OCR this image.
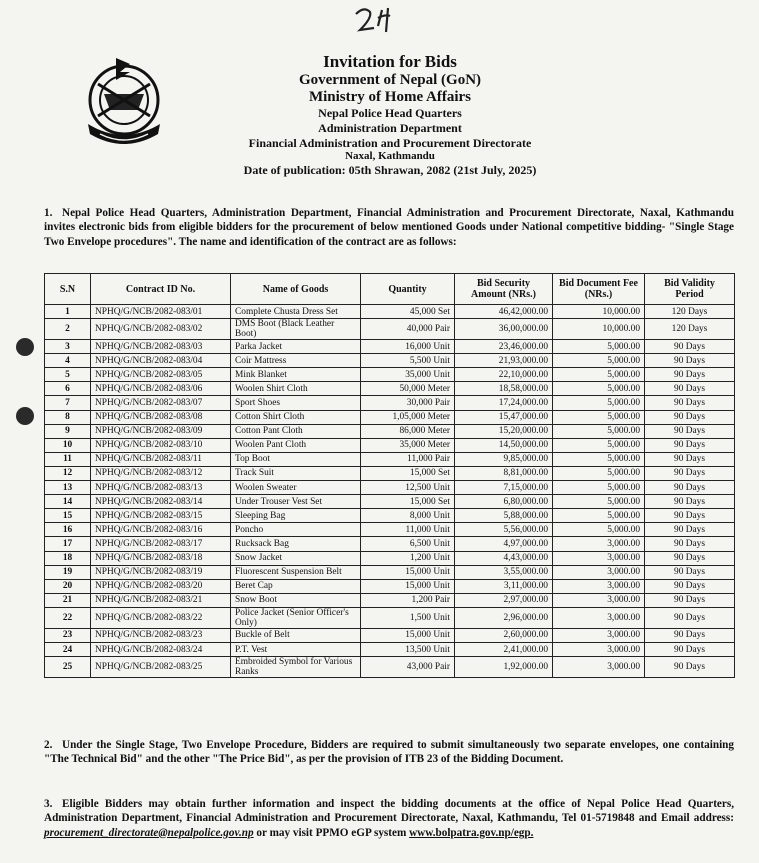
Invitation for Bids
Government of Nepal (GoN)
Ministry of Home Affairs
Nepal Police Head Quarters
Administration Department
Financial Administration and Procurement Directorate
Naxal, Kathmandu
Date of publication: 05th Shrawan, 2082 (21st July, 2025)
1. Nepal Police Head Quarters, Administration Department, Financial Administration and Procurement Directorate, Naxal, Kathmandu invites electronic bids from eligible bidders for the procurement of below mentioned Goods under National competitive bidding- "Single Stage Two Envelope procedures". The name and identification of the contract are as follows:
S.N	Contract ID No.	Name of Goods	Quantity	Bid Security Amount (NRs.)	Bid Document Fee (NRs.)	Bid Validity Period
1	NPHQ/G/NCB/2082-083/01	Complete Chusta Dress Set	45,000 Set	46,42,000.00	10,000.00	120 Days
2	NPHQ/G/NCB/2082-083/02	DMS Boot (Black Leather Boot)	40,000 Pair	36,00,000.00	10,000.00	120 Days
3	NPHQ/G/NCB/2082-083/03	Parka Jacket	16,000 Unit	23,46,000.00	5,000.00	90 Days
4	NPHQ/G/NCB/2082-083/04	Coir Mattress	5,500 Unit	21,93,000.00	5,000.00	90 Days
5	NPHQ/G/NCB/2082-083/05	Mink Blanket	35,000 Unit	22,10,000.00	5,000.00	90 Days
6	NPHQ/G/NCB/2082-083/06	Woolen Shirt Cloth	50,000 Meter	18,58,000.00	5,000.00	90 Days
7	NPHQ/G/NCB/2082-083/07	Sport Shoes	30,000 Pair	17,24,000.00	5,000.00	90 Days
8	NPHQ/G/NCB/2082-083/08	Cotton Shirt Cloth	1,05,000 Meter	15,47,000.00	5,000.00	90 Days
9	NPHQ/G/NCB/2082-083/09	Cotton Pant Cloth	86,000 Meter	15,20,000.00	5,000.00	90 Days
10	NPHQ/G/NCB/2082-083/10	Woolen Pant Cloth	35,000 Meter	14,50,000.00	5,000.00	90 Days
11	NPHQ/G/NCB/2082-083/11	Top Boot	11,000 Pair	9,85,000.00	5,000.00	90 Days
12	NPHQ/G/NCB/2082-083/12	Track Suit	15,000 Set	8,81,000.00	5,000.00	90 Days
13	NPHQ/G/NCB/2082-083/13	Woolen Sweater	12,500 Unit	7,15,000.00	5,000.00	90 Days
14	NPHQ/G/NCB/2082-083/14	Under Trouser Vest Set	15,000 Set	6,80,000.00	5,000.00	90 Days
15	NPHQ/G/NCB/2082-083/15	Sleeping Bag	8,000 Unit	5,88,000.00	5,000.00	90 Days
16	NPHQ/G/NCB/2082-083/16	Poncho	11,000 Unit	5,56,000.00	5,000.00	90 Days
17	NPHQ/G/NCB/2082-083/17	Rucksack Bag	6,500 Unit	4,97,000.00	3,000.00	90 Days
18	NPHQ/G/NCB/2082-083/18	Snow Jacket	1,200 Unit	4,43,000.00	3,000.00	90 Days
19	NPHQ/G/NCB/2082-083/19	Fluorescent Suspension Belt	15,000 Unit	3,55,000.00	3,000.00	90 Days
20	NPHQ/G/NCB/2082-083/20	Beret Cap	15,000 Unit	3,11,000.00	3,000.00	90 Days
21	NPHQ/G/NCB/2082-083/21	Snow Boot	1,200 Pair	2,97,000.00	3,000.00	90 Days
22	NPHQ/G/NCB/2082-083/22	Police Jacket (Senior Officer's Only)	1,500 Unit	2,96,000.00	3,000.00	90 Days
23	NPHQ/G/NCB/2082-083/23	Buckle of Belt	15,000 Unit	2,60,000.00	3,000.00	90 Days
24	NPHQ/G/NCB/2082-083/24	P.T. Vest	13,500 Unit	2,41,000.00	3,000.00	90 Days
25	NPHQ/G/NCB/2082-083/25	Embroided Symbol for Various Ranks	43,000 Pair	1,92,000.00	3,000.00	90 Days
2. Under the Single Stage, Two Envelope Procedure, Bidders are required to submit simultaneously two separate envelopes, one containing "The Technical Bid" and the other "The Price Bid", as per the provision of ITB 23 of the Bidding Document.
3. Eligible Bidders may obtain further information and inspect the bidding documents at the office of Nepal Police Head Quarters, Administration Department, Financial Administration and Procurement Directorate, Naxal, Kathmandu, Tel 01-5719848 and Email address: procurement_directorate@nepalpolice.gov.np or may visit PPMO eGP system www.bolpatra.gov.np/egp.
